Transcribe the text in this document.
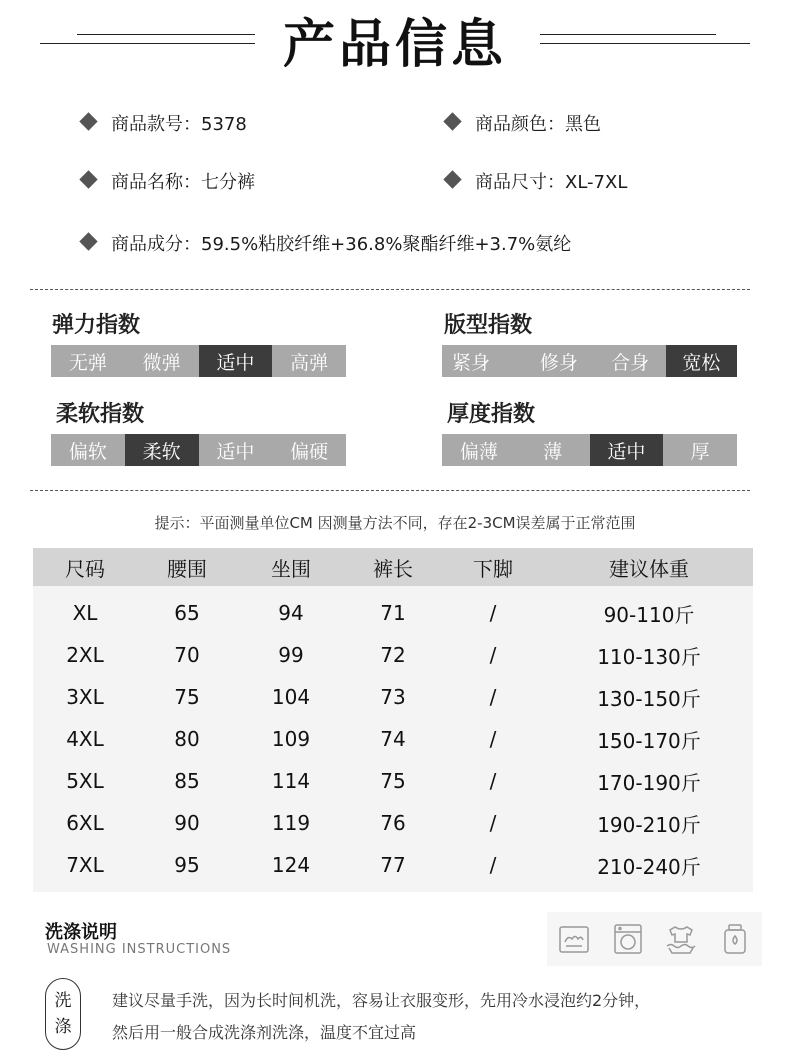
产品信息
商品款号：5378	商品颜色：黑色
商品名称：七分裤	商品尺寸：XL-7XL
商品成分：59.5%粘胶纤维+36.8%聚酯纤维+3.7%氨纶
弹力指数
无弹	微弹	适中	高弹
版型指数
紧身	修身	合身	宽松
柔软指数
偏软	柔软	适中	偏硬
厚度指数
偏薄	薄	适中	厚
提示：平面测量单位CM 因测量方法不同，存在2-3CM误差属于正常范围
尺码	腰围	坐围	裤长	下脚	建议体重
XL	65	94	71	/	90-110斤
2XL	70	99	72	/	110-130斤
3XL	75	104	73	/	130-150斤
4XL	80	109	74	/	150-170斤
5XL	85	114	75	/	170-190斤
6XL	90	119	76	/	190-210斤
7XL	95	124	77	/	210-240斤
洗涤说明
WASHING INSTRUCTIONS
洗
涤
建议尽量手洗，因为长时间机洗，容易让衣服变形，先用冷水浸泡约2分钟，
然后用一般合成洗涤剂洗涤，温度不宜过高
